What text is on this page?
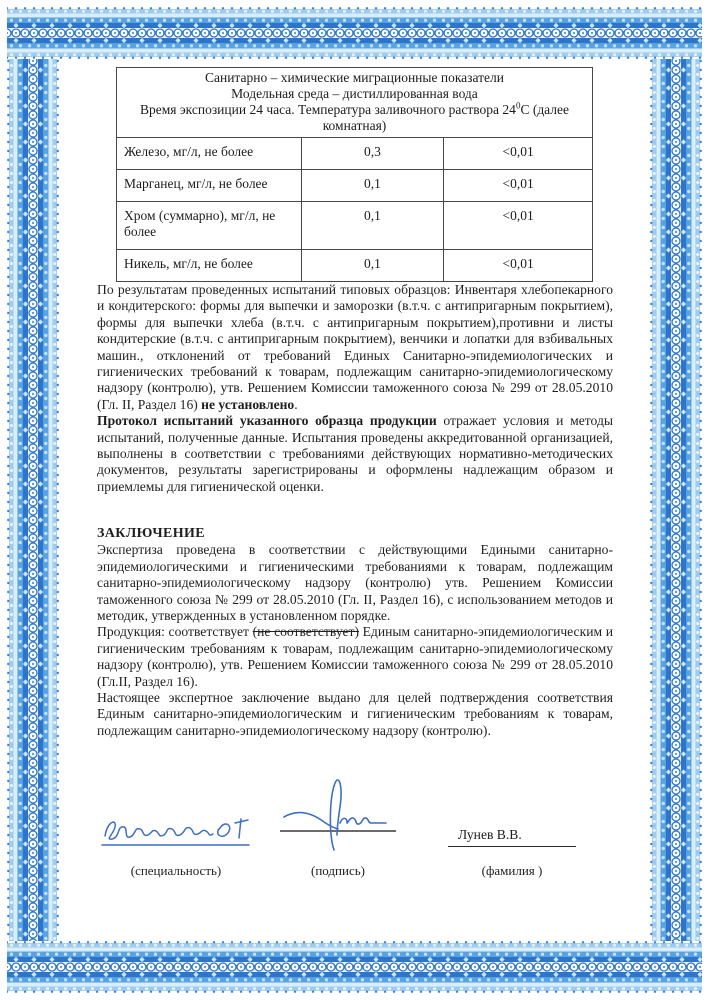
Санитарно – химические миграционные показатели
Модельная среда – дистиллированная вода
Время экспозиции 24 часа. Температура заливочного раствора $24^0С$ (далее комнатная)		

Железо, мг/л, не более	0,3	<0,01
Марганец, мг/л, не более	0,1	<0,01
Хром (суммарно), мг/л, не более	0,1	<0,01
Никель, мг/л, не более	0,1	<0,01

По результатам проведенных испытаний типовых образцов: Инвентаря хлебопекарного и кондитерского: формы для выпечки и заморозки (в.т.ч. с антипригарным покрытием), формы для выпечки хлеба (в.т.ч. с антипригарным покрытием),противни и листы кондитерские (в.т.ч. с антипригарным покрытием), венчики и лопатки для взбивальных машин., отклонений от требований Единых Санитарно-эпидемиологических и гигиенических требований к товарам, подлежащим санитарно-эпидемиологическому надзору (контролю), утв. Решением Комиссии таможенного союза № 299 от 28.05.2010 (Гл. II, Раздел 16) не установлено.

Протокол испытаний указанного образца продукции отражает условия и методы испытаний, полученные данные. Испытания проведены аккредитованной организацией, выполнены в соответствии с требованиями действующих нормативно-методических документов, результаты зарегистрированы и оформлены надлежащим образом и приемлемы для гигиенической оценки.

ЗАКЛЮЧЕНИЕ

Экспертиза проведена в соответствии с действующими Едиными санитарно-эпидемиологическими и гигиеническими требованиями к товарам, подлежащим санитарно-эпидемиологическому надзору (контролю) утв. Решением Комиссии таможенного союза № 299 от 28.05.2010 (Гл. II, Раздел 16), с использованием методов и методик, утвержденных в установленном порядке.

Продукция: соответствует (не соответствует) Единым санитарно-эпидемиологическим и гигиеническим требованиям к товарам, подлежащим санитарно-эпидемиологическому надзору (контролю), утв. Решением Комиссии таможенного союза № 299 от 28.05.2010 (Гл.II, Раздел 16).

Настоящее экспертное заключение выдано для целей подтверждения соответствия Единым санитарно-эпидемиологическим и гигиеническим требованиям к товарам, подлежащим санитарно-эпидемиологическому надзору (контролю).

(специальность)	(подпись)
Лунев В.В.
(фамилия )
